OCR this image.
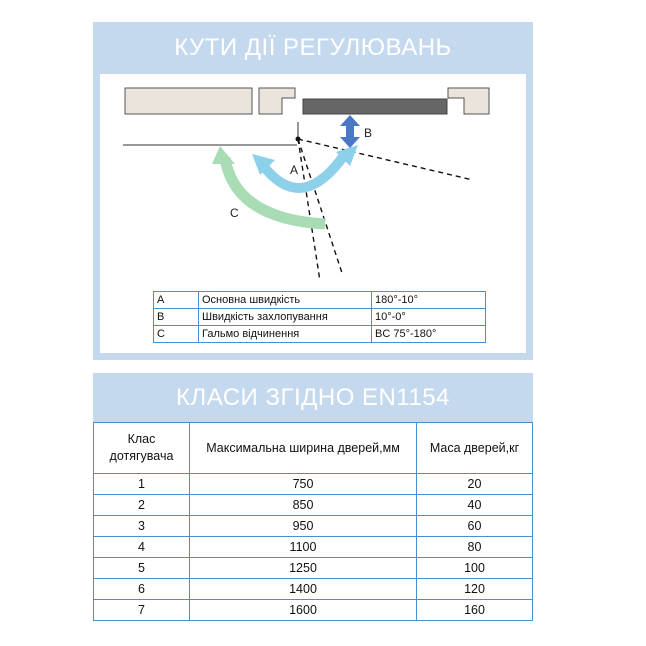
КУТИ ДІЇ РЕГУЛЮВАНЬ
A
B
C
A	Основна швидкість	180°-10°
B	Швидкість захлопування	10°-0°
C	Гальмо відчинення	BC 75°-180°
КЛАСИ ЗГІДНО EN1154
Клас
дотягувача	Максимальна ширина дверей,мм	Маса дверей,кг
1	750	20
2	850	40
3	950	60
4	1100	80
5	1250	100
6	1400	120
7	1600	160
